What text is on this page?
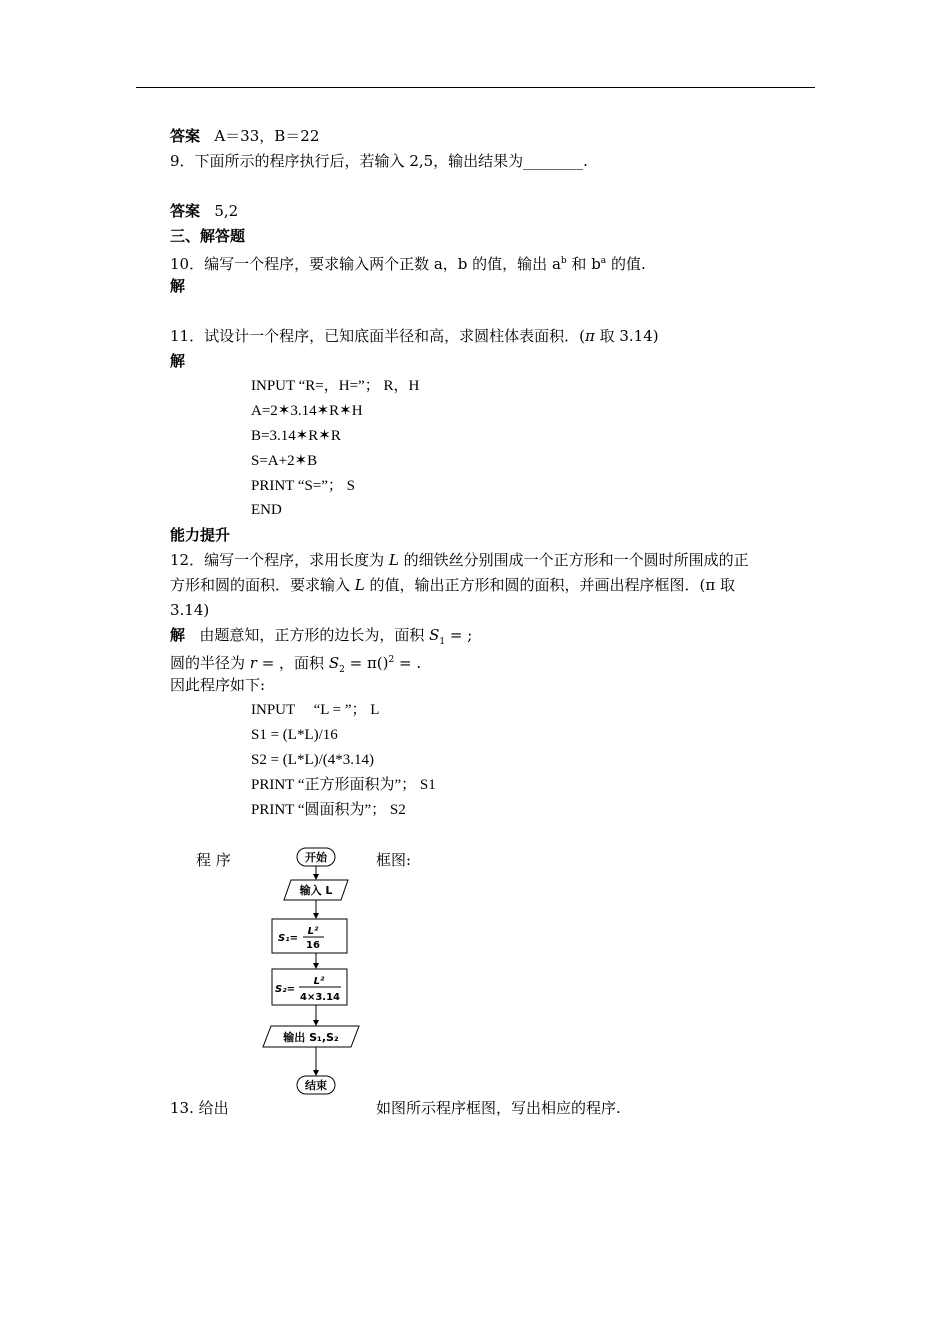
答案 A＝33，B＝22
9．下面所示的程序执行后，若输入 2,5，输出结果为________.
答案 5,2
三、解答题
10．编写一个程序，要求输入两个正数 a，b 的值，输出 $a^b$ 和 $b^a$ 的值.
解
11．试设计一个程序，已知底面半径和高，求圆柱体表面积．(π 取 3.14)
解
INPUT “R=，H=”； R，H
A=2✶3.14✶R✶H
B=3.14✶R✶R
S=A+2✶B
PRINT “S=”； S
END
能力提升
12．编写一个程序，求用长度为 L 的细铁丝分别围成一个正方形和一个圆时所围成的正
方形和圆的面积．要求输入 L 的值，输出正方形和圆的面积，并画出程序框图．(π 取
3.14)
解 由题意知，正方形的边长为，面积 $S_1$ = ;
圆的半径为 r = ，面积 $S_2 = \pi()^2$ = .
因此程序如下:
INPUT　 “L = ”； L
S1 = (L*L)/16
S2 = (L*L)/(4*3.14)
PRINT “正方形面积为”； S1
PRINT “圆面积为”； S2
程 序	框图:
开始
输入 L
S₁=
L²
16
S₂=
L²
4×3.14
输出 S₁,S₂
结束
13. 给出	如图所示程序框图，写出相应的程序.
